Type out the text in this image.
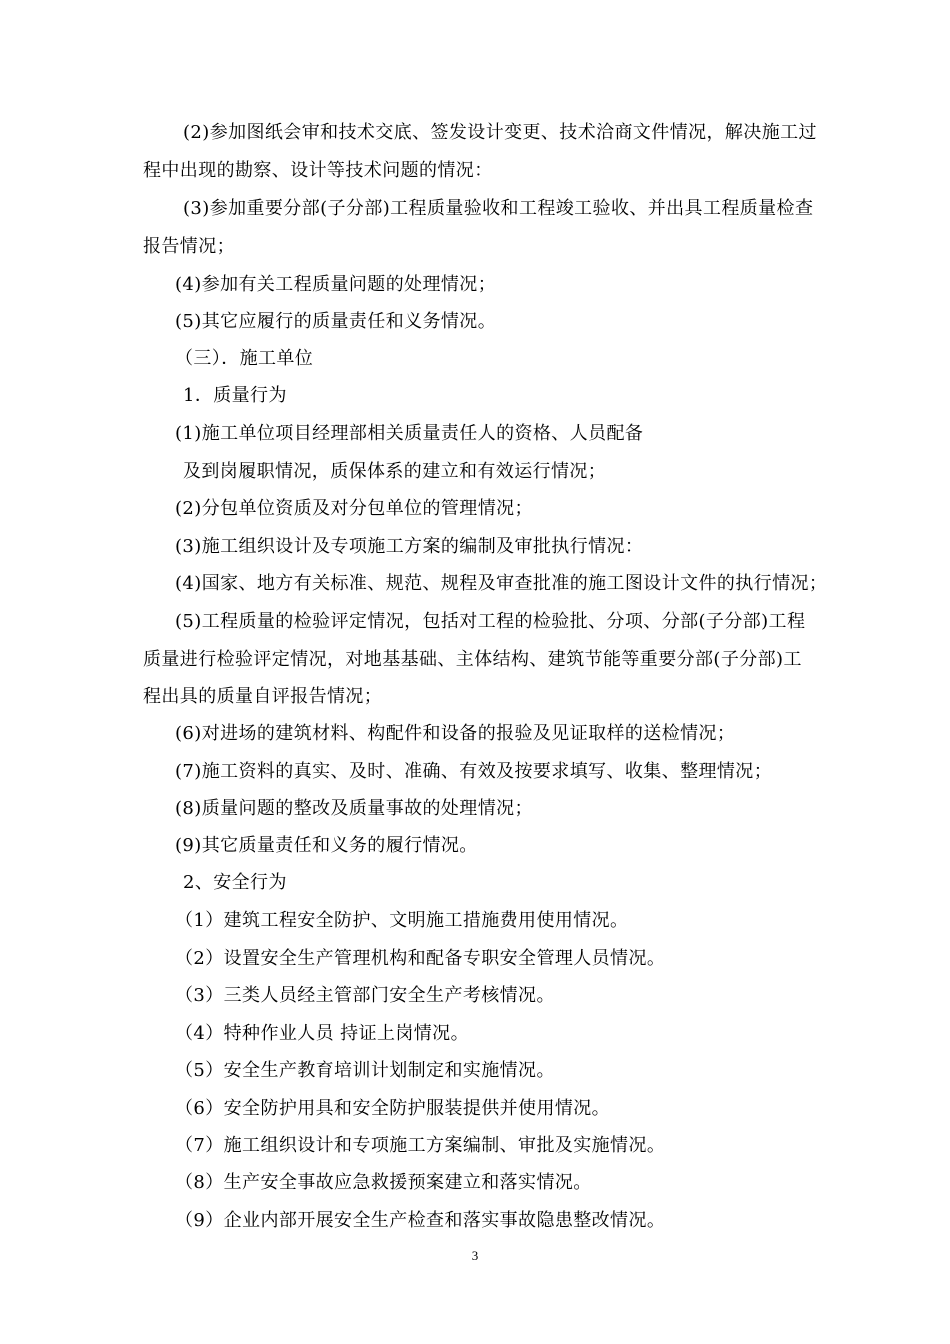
(2)参加图纸会审和技术交底、签发设计变更、技术洽商文件情况，解决施工过
程中出现的勘察、设计等技术问题的情况：
(3)参加重要分部(子分部)工程质量验收和工程竣工验收、并出具工程质量检查
报告情况；
(4)参加有关工程质量问题的处理情况；
(5)其它应履行的质量责任和义务情况。
（三）．施工单位
1．质量行为
(1)施工单位项目经理部相关质量责任人的资格、人员配备
及到岗履职情况，质保体系的建立和有效运行情况；
(2)分包单位资质及对分包单位的管理情况；
(3)施工组织设计及专项施工方案的编制及审批执行情况：
(4)国家、地方有关标准、规范、规程及审查批准的施工图设计文件的执行情况；
(5)工程质量的检验评定情况，包括对工程的检验批、分项、分部(子分部)工程
质量进行检验评定情况，对地基基础、主体结构、建筑节能等重要分部(子分部)工
程出具的质量自评报告情况；
(6)对进场的建筑材料、构配件和设备的报验及见证取样的送检情况；
(7)施工资料的真实、及时、准确、有效及按要求填写、收集、整理情况；
(8)质量问题的整改及质量事故的处理情况；
(9)其它质量责任和义务的履行情况。
2、安全行为
（1）建筑工程安全防护、文明施工措施费用使用情况。
（2）设置安全生产管理机构和配备专职安全管理人员情况。
（3）三类人员经主管部门安全生产考核情况。
（4）特种作业人员 持证上岗情况。
（5）安全生产教育培训计划制定和实施情况。
（6）安全防护用具和安全防护服装提供并使用情况。
（7）施工组织设计和专项施工方案编制、审批及实施情况。
（8）生产安全事故应急救援预案建立和落实情况。
（9）企业内部开展安全生产检查和落实事故隐患整改情况。
3
